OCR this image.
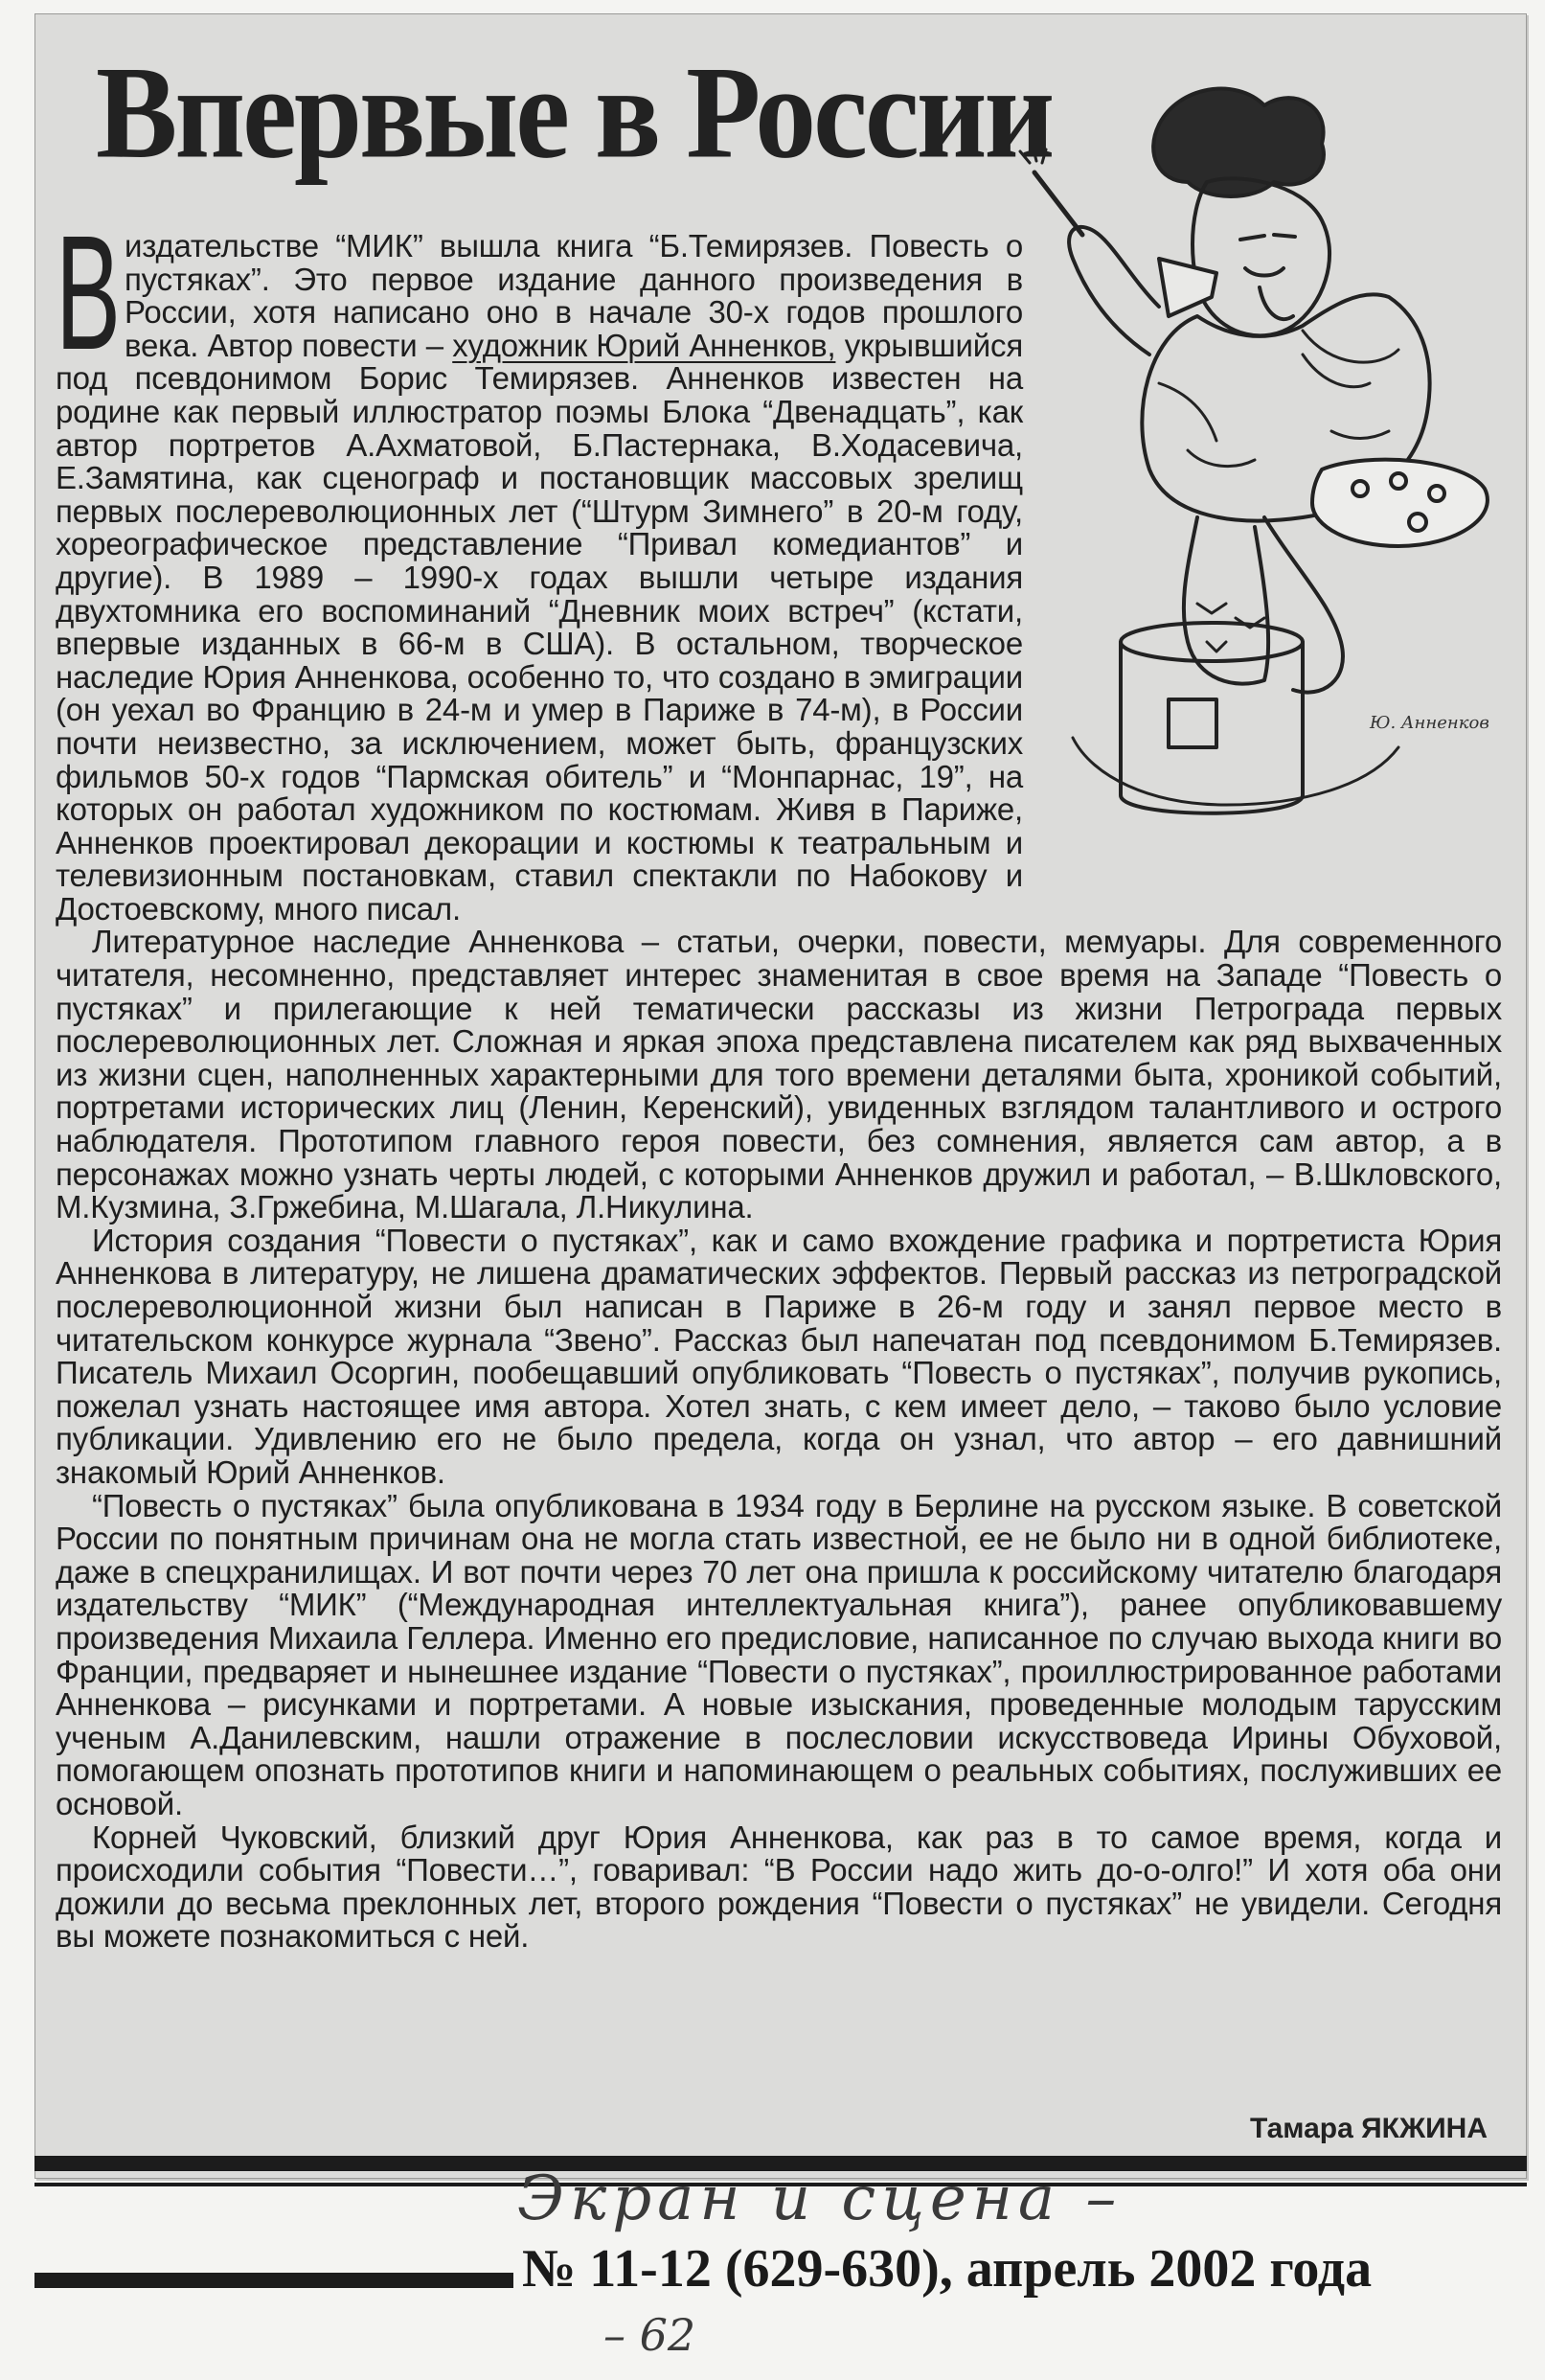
Впервые в России
Ю. Анненков

Виздательстве “МИК” вышла книга “Б.Темирязев. Повесть о пустяках”. Это первое издание данного произведения в России, хотя написано оно в начале 30-х годов прошлого века. Автор повести – художник Юрий Анненков, укрывшийся под псевдонимом Борис Темирязев. Анненков известен на родине как первый иллюстратор поэмы Блока “Двенадцать”, как автор портретов А.Ахматовой, Б.Пастернака, В.Ходасевича, Е.Замятина, как сценограф и постановщик массовых зрелищ первых послереволюционных лет (“Штурм Зимнего” в 20-м году, хореографическое представление “Привал комедиантов” и другие). В 1989 – 1990-х годах вышли четыре издания двухтомника его воспоминаний “Дневник моих встреч” (кстати, впервые изданных в 66-м в США). В остальном, творческое наследие Юрия Анненкова, особенно то, что создано в эмиграции (он уехал во Францию в 24-м и умер в Париже в 74-м), в России почти неизвестно, за исключением, может быть, французских фильмов 50-х годов “Пармская обитель” и “Монпарнас, 19”, на которых он работал художником по костюмам. Живя в Париже, Анненков проектировал декорации и костюмы к театральным и телевизионным постановкам, ставил спектакли по Набокову и Достоевскому, много писал.

Литературное наследие Анненкова – статьи, очерки, повести, мемуары. Для современного читателя, несомненно, представляет интерес знаменитая в свое время на Западе “Повесть о пустяках” и прилегающие к ней тематически рассказы из жизни Петрограда первых послереволюционных лет. Сложная и яркая эпоха представлена писателем как ряд выхваченных из жизни сцен, наполненных характерными для того времени деталями быта, хроникой событий, портретами исторических лиц (Ленин, Керенский), увиденных взглядом талантливого и острого наблюдателя. Прототипом главного героя повести, без сомнения, является сам автор, а в персонажах можно узнать черты людей, с которыми Анненков дружил и работал, – В.Шкловского, М.Кузмина, З.Гржебина, М.Шагала, Л.Никулина.

История создания “Повести о пустяках”, как и само вхождение графика и портретиста Юрия Анненкова в литературу, не лишена драматических эффектов. Первый рассказ из петроградской послереволюционной жизни был написан в Париже в 26-м году и занял первое место в читательском конкурсе журнала “Звено”. Рассказ был напечатан под псевдонимом Б.Темирязев. Писатель Михаил Осоргин, пообещавший опубликовать “Повесть о пустяках”, получив рукопись, пожелал узнать настоящее имя автора. Хотел знать, с кем имеет дело, – таково было условие публикации. Удивлению его не было предела, когда он узнал, что автор – его давнишний знакомый Юрий Анненков.

“Повесть о пустяках” была опубликована в 1934 году в Берлине на русском языке. В советской России по понятным причинам она не могла стать известной, ее не было ни в одной библиотеке, даже в спецхранилищах. И вот почти через 70 лет она пришла к российскому читателю благодаря издательству “МИК” (“Международная интеллектуальная книга”), ранее опубликовавшему произведения Михаила Геллера. Именно его предисловие, написанное по случаю выхода книги во Франции, предваряет и нынешнее издание “Повести о пустяках”, проиллюстрированное работами Анненкова – рисунками и портретами. А новые изыскания, проведенные молодым тарусским ученым А.Данилевским, нашли отражение в послесловии искусствоведа Ирины Обуховой, помогающем опознать прототипов книги и напоминающем о реальных событиях, послуживших ее основой.

Корней Чуковский, близкий друг Юрия Анненкова, как раз в то самое время, когда и происходили события “Повести…”, говаривал: “В России надо жить до-о-олго!” И хотя оба они дожили до весьма преклонных лет, второго рождения “Повести о пустяках” не увидели. Сегодня вы можете познакомиться с ней.

Тамара ЯКЖИНА
Экран и сцена –
№ 11-12 (629-630), апрель 2002 года
– 62
